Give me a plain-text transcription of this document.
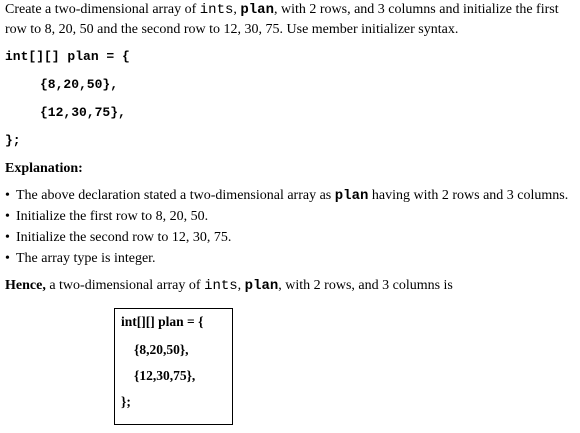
Create a two-dimensional array of ints, plan, with 2 rows, and 3 columns and initialize the first
row to 8, 20, 50 and the second row to 12, 30, 75. Use member initializer syntax.
int[][] plan = {
{8,20,50},
{12,30,75},
};
Explanation:
• The above declaration stated a two-dimensional array as plan having with 2 rows and 3 columns.
• Initialize the first row to 8, 20, 50.
• Initialize the second row to 12, 30, 75.
• The array type is integer.
Hence, a two-dimensional array of ints, plan, with 2 rows, and 3 columns is
int[][] plan = {
{8,20,50},
{12,30,75},
};
